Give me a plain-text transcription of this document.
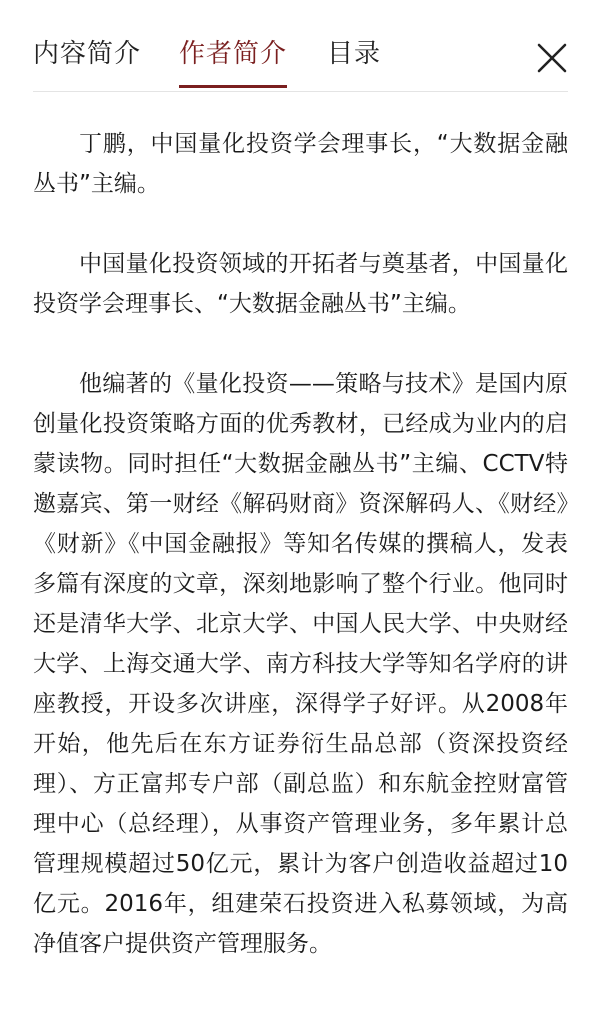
内容简介 作者简介 目录

丁鹏，中国量化投资学会理事长，“大数据金融丛书”主编。

中国量化投资领域的开拓者与奠基者，中国量化投资学会理事长、“大数据金融丛书”主编。

他编著的《量化投资——策略与技术》是国内原创量化投资策略方面的优秀教材，已经成为业内的启蒙读物。同时担任“大数据金融丛书”主编、CCTV特邀嘉宾、第一财经《解码财商》资深解码人、《财经》《财新》《中国金融报》等知名传媒的撰稿人，发表多篇有深度的文章，深刻地影响了整个行业。他同时还是清华大学、北京大学、中国人民大学、中央财经大学、上海交通大学、南方科技大学等知名学府的讲座教授，开设多次讲座，深得学子好评。从2008年开始，他先后在东方证券衍生品总部（资深投资经理）、方正富邦专户部（副总监）和东航金控财富管理中心（总经理），从事资产管理业务，多年累计总管理规模超过50亿元，累计为客户创造收益超过10亿元。2016年，组建荣石投资进入私募领域，为高净值客户提供资产管理服务。
